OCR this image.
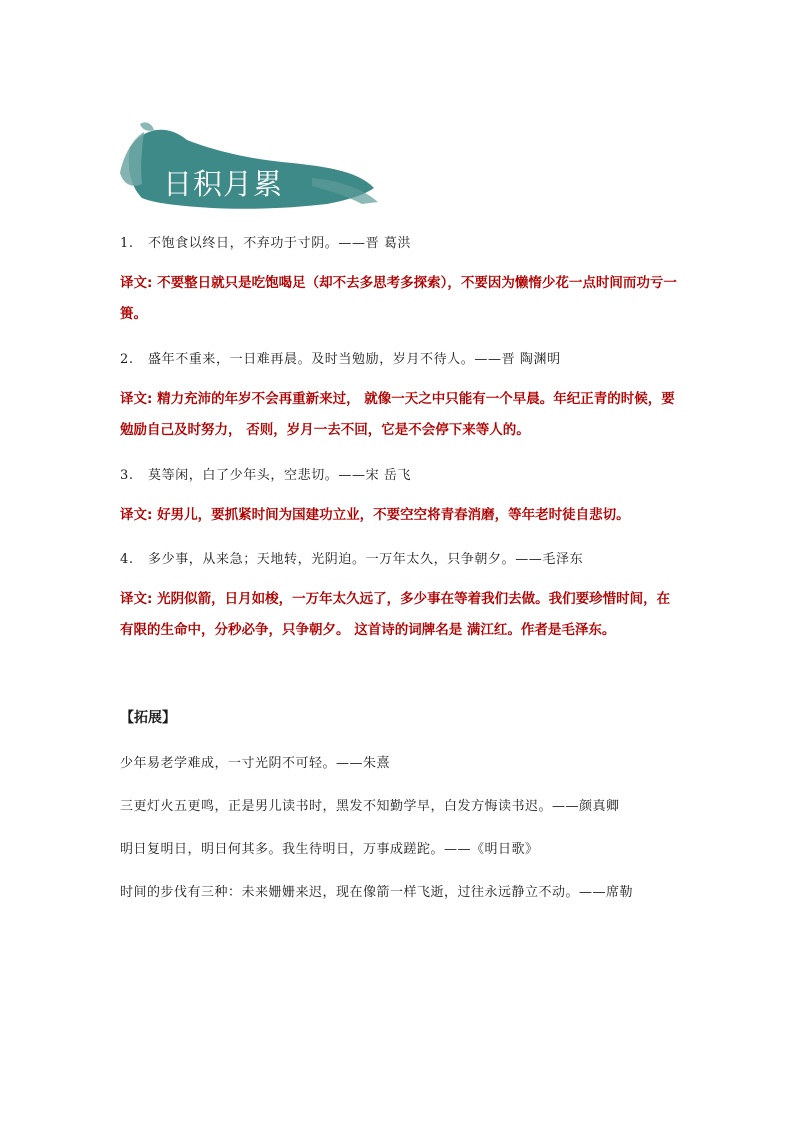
日积月累
1. 不饱食以终日，不弃功于寸阴。——晋 葛洪
译文: 不要整日就只是吃饱喝足（却不去多思考多探索），不要因为懒惰少花一点时间而功亏一篑。
2. 盛年不重来，一日难再晨。及时当勉励，岁月不待人。——晋 陶渊明
译文: 精力充沛的年岁不会再重新来过， 就像一天之中只能有一个早晨。年纪正青的时候，要勉励自己及时努力， 否则，岁月一去不回，它是不会停下来等人的。
3. 莫等闲，白了少年头，空悲切。——宋 岳飞
译文: 好男儿，要抓紧时间为国建功立业，不要空空将青春消磨，等年老时徒自悲切。
4. 多少事，从来急；天地转，光阴迫。一万年太久，只争朝夕。——毛泽东
译文: 光阴似箭，日月如梭，一万年太久远了，多少事在等着我们去做。我们要珍惜时间，在有限的生命中，分秒必争，只争朝夕。 这首诗的词牌名是 满江红。作者是毛泽东。
【拓展】
少年易老学难成，一寸光阴不可轻。——朱熹
三更灯火五更鸣，正是男儿读书时，黑发不知勤学早，白发方悔读书迟。——颜真卿
明日复明日，明日何其多。我生待明日，万事成蹉跎。——《明日歌》
时间的步伐有三种：未来姗姗来迟，现在像箭一样飞逝，过往永远静立不动。——席勒
